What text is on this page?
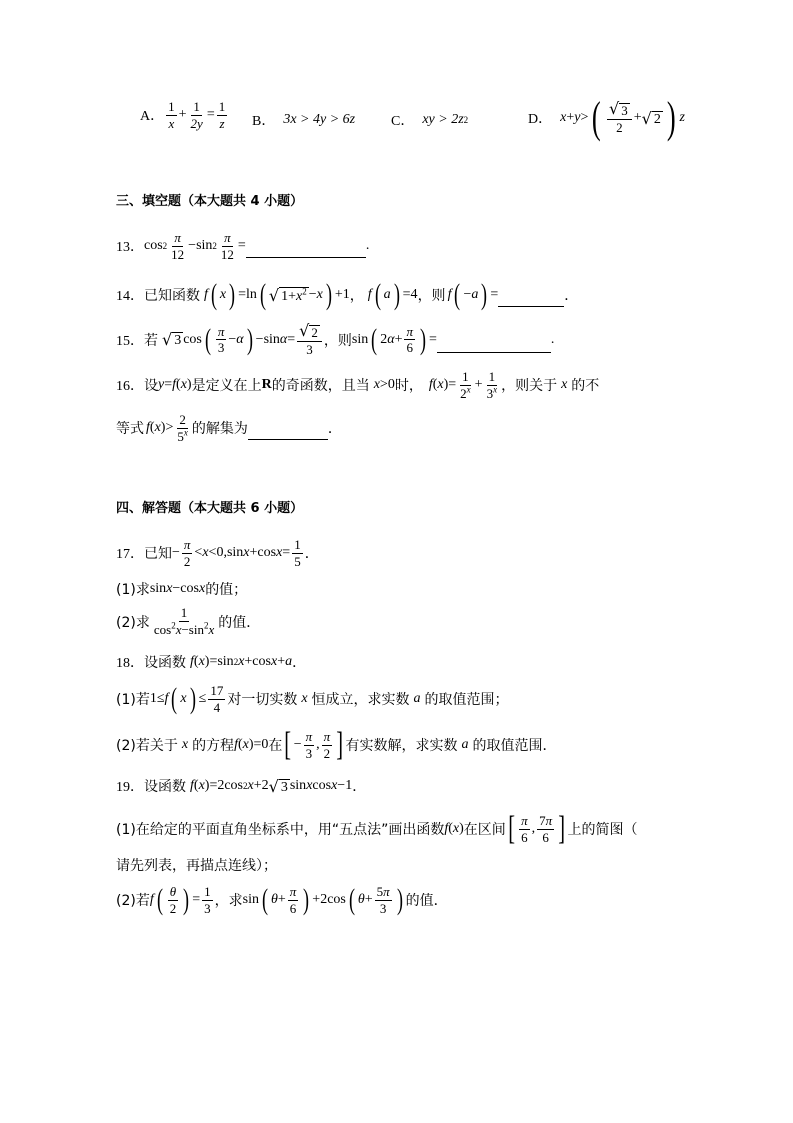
A． $\frac{1}{x} + \frac{1}{2y} = \frac{1}{z}$ B． 3x > 4y > 6z	C． xy > 2z 2	D． x + y > ( $\frac{√ 3}{2}$ + √ 2 ) z
三、填空题（本大题共 4 小题）
13． $\cos 2 \frac{\pi}{12} -\sin$ $2 \frac{\pi}{12}$ =	.
14． 已知函数 f ( x ) = ln ( √ $1+x^2 - x$ ) +1 ， f ( a ) =4 ，则 f ( − a ) =	．
15． 若 √ 3 cos ( $\frac{\pi}{3} - \alpha$ ) − $\sin \alpha = \frac{√ 2}{3}$ ，则 sin ( 2 $\alpha + \frac{\pi}{6}$ ) =	.
16． 设 y = f ( x ) 是定义在上 R 的奇函数，且当 x >0 时， f ( x )= $\frac{1}{2^x} + \frac{1}{3^x}$ ，则关于 x 的不
等式 f ( x )> $\frac{2}{5^x}$ 的解集为	．
四、解答题（本大题共 6 小题）
17． 已知 − $\frac{\pi}{2} < x <0,\sin$ x +cos $x = \frac{1}{5}$ ．
(1)求 sin x −cos x 的值；
(2)求 $\frac{1}{\cos^2x-\sin^2x}$ 的值．
18． 设函数 f ( x )=sin 2 x +cos x + a ．
(1)若 1≤ f ( x ) ≤ $\frac{17}{4}$ 对一切实数 x 恒成立，求实数 a 的取值范围；
(2)若关于 x 的方程 f ( x )=0 在 [ − $\frac{\pi}{3}$ , $\frac{\pi}{2}$ ] 有实数解，求实数 a 的取值范围．
19． 设函数 f ( x )=2cos 2 x +2 √ 3 sin x cos x −1 ．
(1)在给定的平面直角坐标系中，用“五点法”画出函数 f ( x ) 在区间 [ $\frac{\pi}{6}$ , $\frac{7\pi}{6}$ ] 上的简图（
请先列表，再描点连线）；
(2)若 f ( $\frac{\theta}{2}$ ) = $\frac{1}{3}$ ，求 sin ( $\theta + \frac{\pi}{6}$ ) +2cos ( $\theta + \frac{5\pi}{3}$ ) 的值．
